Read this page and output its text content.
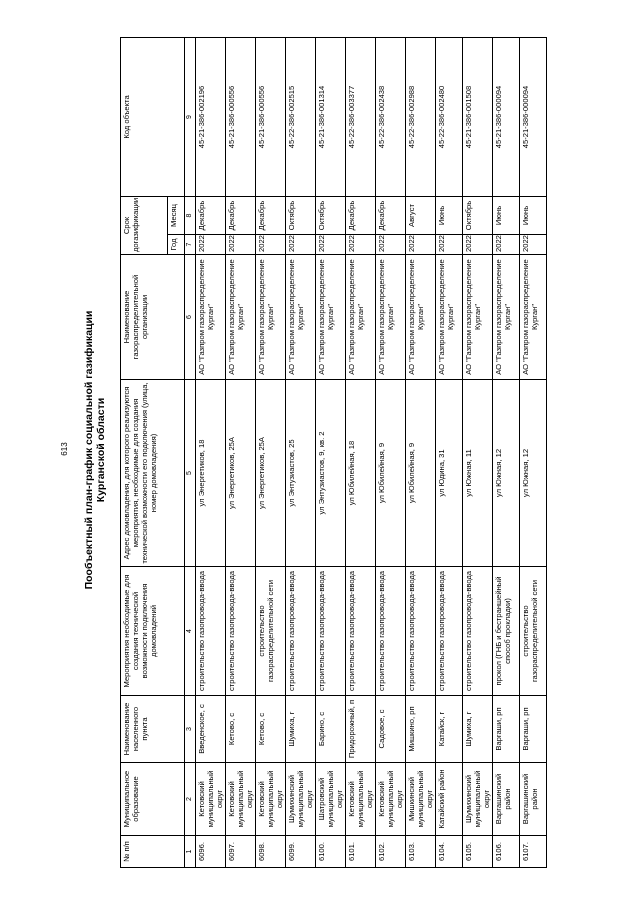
613 Пообъектный план-график социальной газификации Курганской области
№ п/п	Муниципальное образование	Наименование населенного пункта	Мероприятия необходимые для создания технической возможности подключения домовладений	Адрес домовладения, для которого реализуются мероприятия, необходимые для создания технической возможности его подключения (улица, номер домовладения)	Наименование газораспределительной организации	Срок догазификации		Код объекта
						Год	Месяц	
1	2	3	4	5	6	7	8	9
6096.	Кетовский муниципальный округ	Введенское, с	строительство газопровода-ввода	ул Энергетиков, 18	АО "Газпром газораспределение Курган"	2022	Декабрь	45-21-386-002196
6097.	Кетовский муниципальный округ	Кетово, с	строительство газопровода-ввода	ул Энергетиков, 25А	АО "Газпром газораспределение Курган"	2022	Декабрь	45-21-386-000556
6098.	Кетовский муниципальный округ	Кетово, с	строительство газораспределительной сети	ул Энергетиков, 25А	АО "Газпром газораспределение Курган"	2022	Декабрь	45-21-386-000556
6099.	Шумихинский муниципальный округ	Шумиха, г	строительство газопровода-ввода	ул Энтузиастов, 25	АО "Газпром газораспределение Курган"	2022	Октябрь	45-22-386-002515
6100.	Шатровский муниципальный округ	Барино, с	строительство газопровода-ввода	ул Энтузиастов, 9, кв. 2	АО "Газпром газораспределение Курган"	2022	Октябрь	45-21-386-001314
6101.	Кетовский муниципальный округ	Придорожный, п	строительство газопровода-ввода	ул Юбилейная, 18	АО "Газпром газораспределение Курган"	2022	Декабрь	45-22-386-003377
6102.	Кетовский муниципальный округ	Садовое, с	строительство газопровода-ввода	ул Юбилейная, 9	АО "Газпром газораспределение Курган"	2022	Декабрь	45-22-386-002438
6103.	Мишкинский муниципальный округ	Мишкино, рп	строительство газопровода-ввода	ул Юбилейная, 9	АО "Газпром газораспределение Курган"	2022	Август	45-22-386-002988
6104.	Катайский район	Катайск, г	строительство газопровода-ввода	ул Юдина, 31	АО "Газпром газораспределение Курган"	2022	Июнь	45-22-386-002480
6105.	Шумихинский муниципальный округ	Шумиха, г	строительство газопровода-ввода	ул Южная, 11	АО "Газпром газораспределение Курган"	2022	Октябрь	45-21-386-001508
6106.	Варгашинский район	Варгаши, рп	прокол (ГНБ и бестраншейный способ прокладки)	ул Южная, 12	АО "Газпром газораспределение Курган"	2022	Июнь	45-21-386-000094
6107.	Варгашинский район	Варгаши, рп	строительство газораспределительной сети	ул Южная, 12	АО "Газпром газораспределение Курган"	2022	Июнь	45-21-386-000094
